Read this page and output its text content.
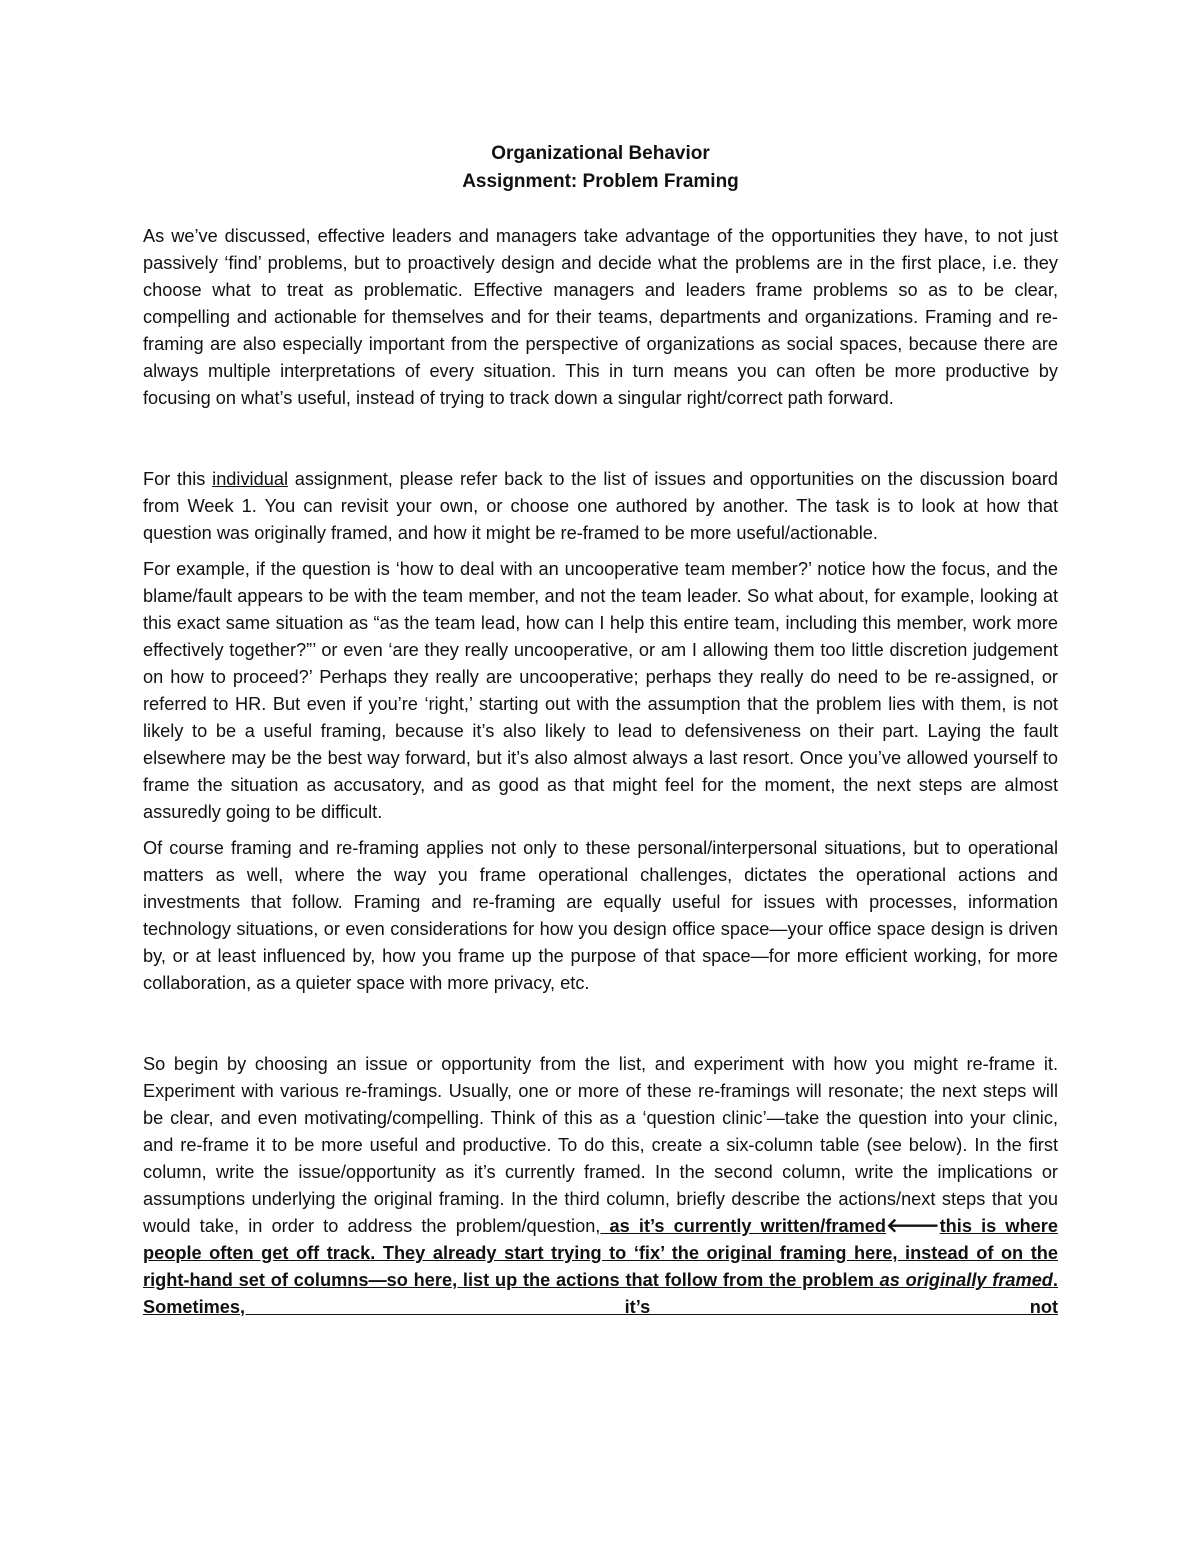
Organizational Behavior
Assignment: Problem Framing

As we’ve discussed, effective leaders and managers take advantage of the opportunities they have, to not just passively ‘find’ problems, but to proactively design and decide what the problems are in the first place, i.e. they choose what to treat as problematic. Effective managers and leaders frame problems so as to be clear, compelling and actionable for themselves and for their teams, departments and organizations. Framing and re-framing are also especially important from the perspective of organizations as social spaces, because there are always multiple interpretations of every situation. This in turn means you can often be more productive by focusing on what’s useful, instead of trying to track down a singular right/correct path forward.

For this individual assignment, please refer back to the list of issues and opportunities on the discussion board from Week 1. You can revisit your own, or choose one authored by another. The task is to look at how that question was originally framed, and how it might be re-framed to be more useful/actionable.

For example, if the question is ‘how to deal with an uncooperative team member?’ notice how the focus, and the blame/fault appears to be with the team member, and not the team leader. So what about, for example, looking at this exact same situation as “as the team lead, how can I help this entire team, including this member, work more effectively together?”’ or even ‘are they really uncooperative, or am I allowing them too little discretion judgement on how to proceed?’ Perhaps they really are uncooperative; perhaps they really do need to be re-assigned, or referred to HR. But even if you’re ‘right,’ starting out with the assumption that the problem lies with them, is not likely to be a useful framing, because it’s also likely to lead to defensiveness on their part. Laying the fault elsewhere may be the best way forward, but it’s also almost always a last resort. Once you’ve allowed yourself to frame the situation as accusatory, and as good as that might feel for the moment, the next steps are almost assuredly going to be difficult.

Of course framing and re-framing applies not only to these personal/interpersonal situations, but to operational matters as well, where the way you frame operational challenges, dictates the operational actions and investments that follow. Framing and re-framing are equally useful for issues with processes, information technology situations, or even considerations for how you design office space—your office space design is driven by, or at least influenced by, how you frame up the purpose of that space—for more efficient working, for more collaboration, as a quieter space with more privacy, etc.

So begin by choosing an issue or opportunity from the list, and experiment with how you might re-frame it. Experiment with various re-framings. Usually, one or more of these re-framings will resonate; the next steps will be clear, and even motivating/compelling. Think of this as a ‘question clinic’—take the question into your clinic, and re-frame it to be more useful and productive. To do this, create a six-column table (see below). In the first column, write the issue/opportunity as it’s currently framed. In the second column, write the implications or assumptions underlying the original framing. In the third column, briefly describe the actions/next steps that you would take, in order to address the problem/question, as it’s currently written/framed🡐this is where people often get off track. They already start trying to ‘fix’ the original framing here, instead of on the right-hand set of columns—so here, list up the actions that follow from the problem as originally framed. Sometimes, it’s not
